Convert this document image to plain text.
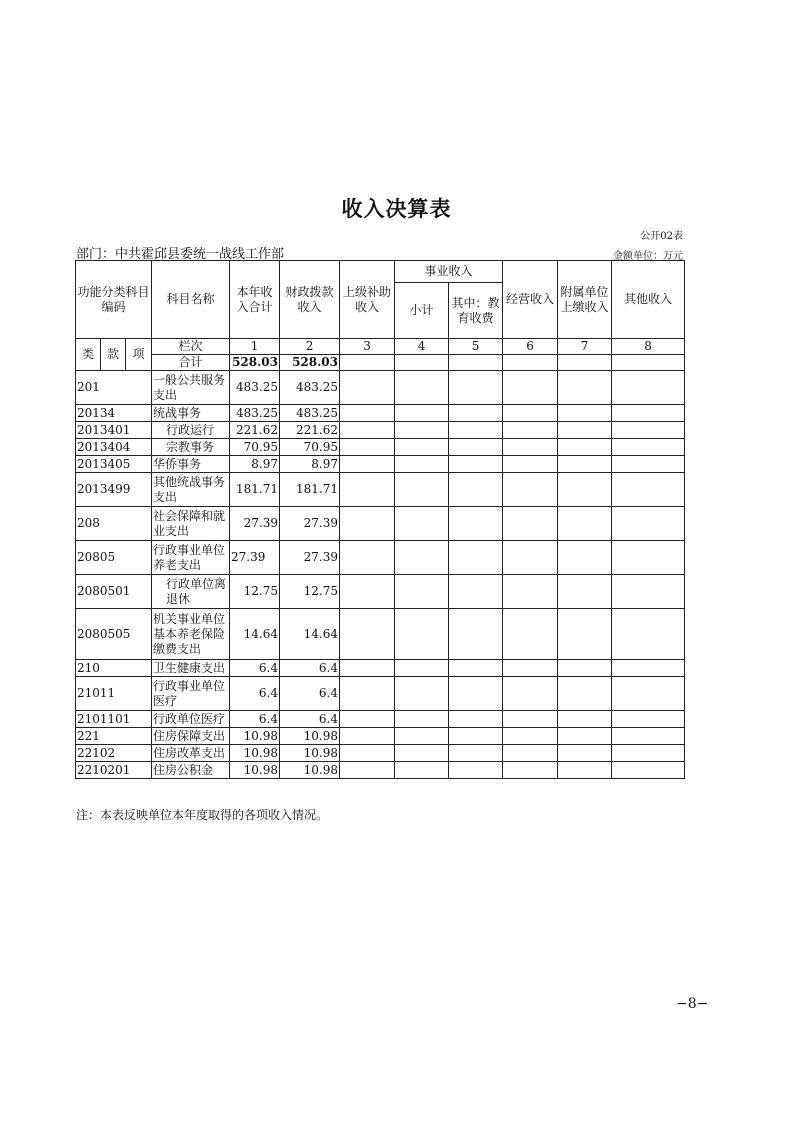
收入决算表
公开02表
部门：中共霍邱县委统一战线工作部	金额单位：万元
功能分类科目编码			科目名称	本年收入合计	财政拨款收入	上级补助收入	事业收入		经营收入	附属单位上缴收入	其他收入
							小计	其中：教育收费			
类	款	项	栏次	1	2	3	4	5	6	7	8
			合计	528.03	528.03						
201			一般公共服务支出	483.25	483.25						
20134			统战事务	483.25	483.25						
2013401			行政运行	221.62	221.62						
2013404			宗教事务	70.95	70.95						
2013405			华侨事务	8.97	8.97						
2013499			其他统战事务支出	181.71	181.71						
208			社会保障和就业支出	27.39	27.39						
20805			行政事业单位养老支出	27.39	27.39						
2080501			行政单位离退休	12.75	12.75						
2080505			机关事业单位基本养老保险缴费支出	14.64	14.64						
210			卫生健康支出	6.4	6.4						
21011			行政事业单位医疗	6.4	6.4						
2101101			行政单位医疗	6.4	6.4						
221			住房保障支出	10.98	10.98						
22102			住房改革支出	10.98	10.98						
2210201			住房公积金	10.98	10.98						
注：本表反映单位本年度取得的各项收入情况。
−8−
